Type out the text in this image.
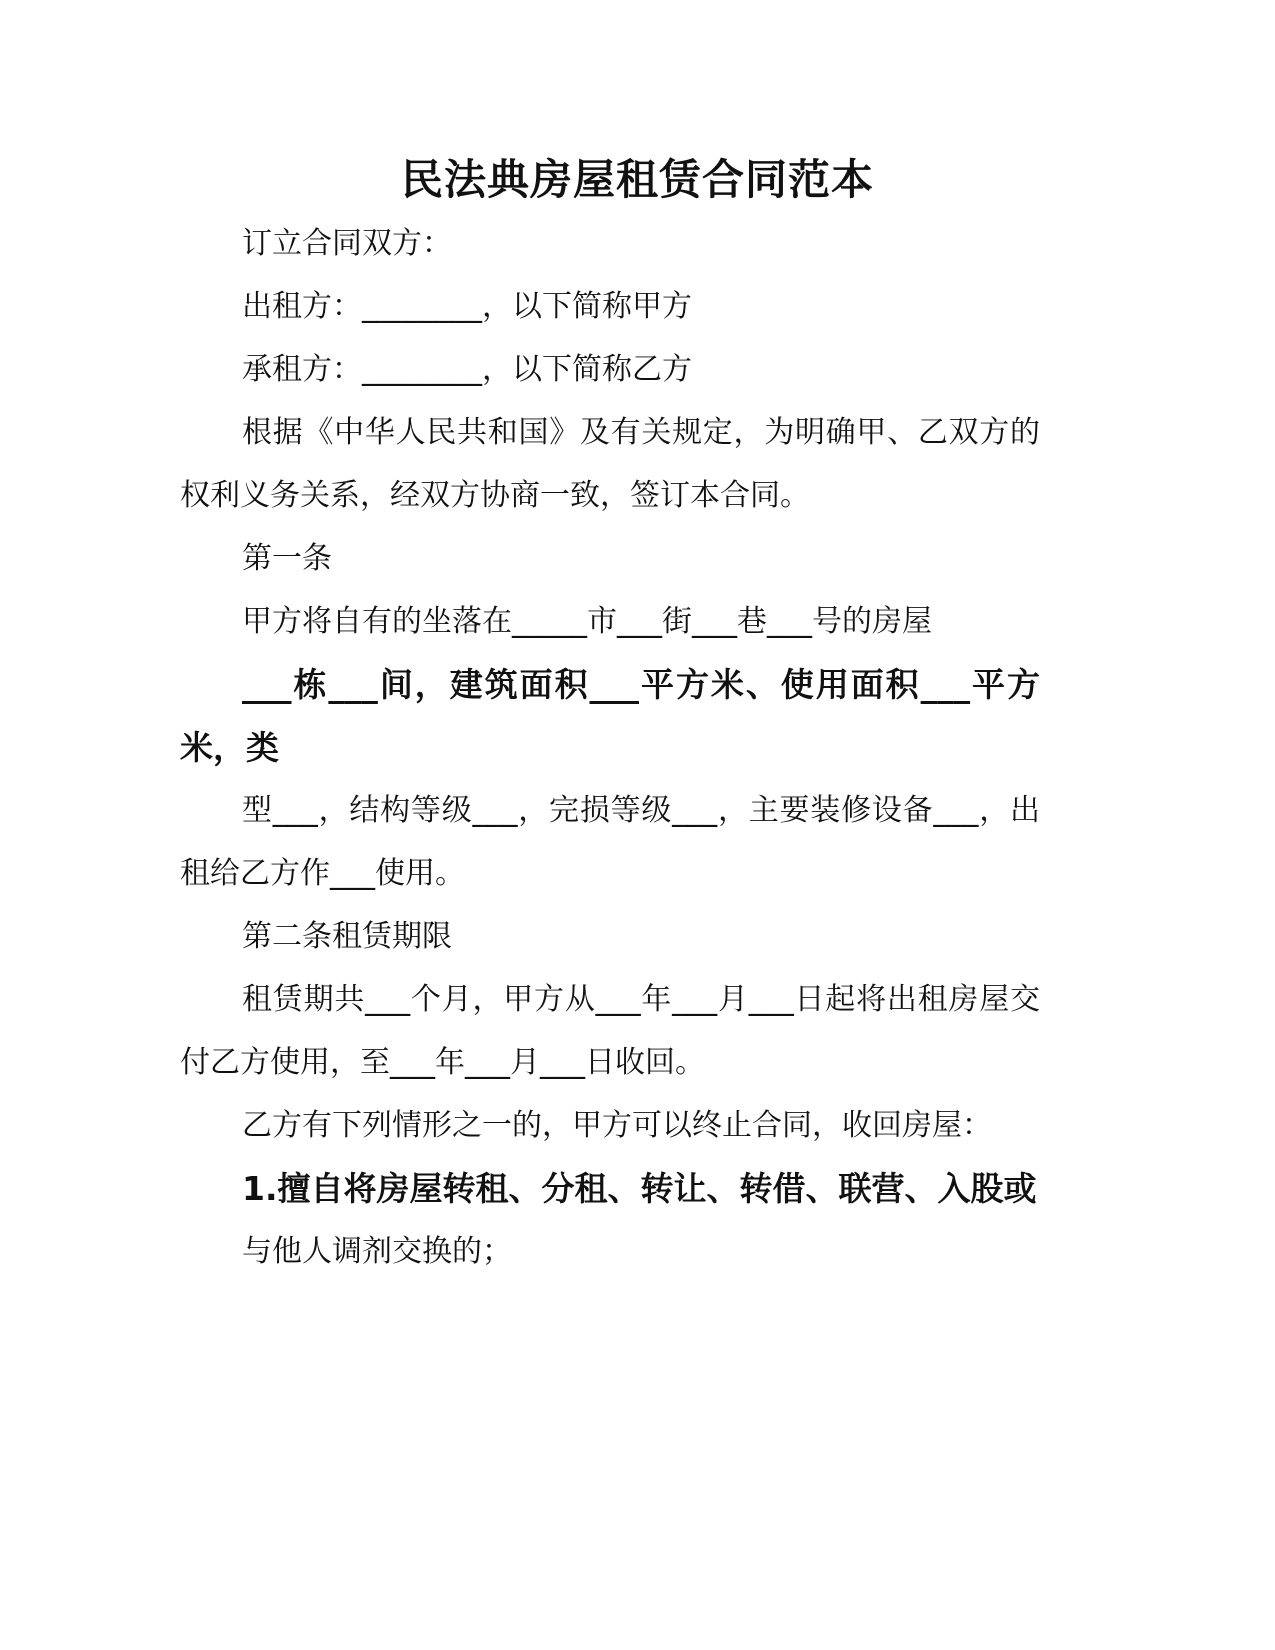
民法典房屋租赁合同范本

订立合同双方：

出租方：________，以下简称甲方

承租方：________，以下简称乙方

根据《中华人民共和国》及有关规定，为明确甲、乙双方的权利义务关系，经双方协商一致，签订本合同。

第一条

甲方将自有的坐落在_____市___街___巷___号的房屋

___栋___间，建筑面积___平方米、使用面积___平方米，类

型___，结构等级___，完损等级___，主要装修设备___，出租给乙方作___使用。

第二条租赁期限

租赁期共___个月，甲方从___年___月___日起将出租房屋交付乙方使用，至___年___月___日收回。

乙方有下列情形之一的，甲方可以终止合同，收回房屋：

1.擅自将房屋转租、分租、转让、转借、联营、入股或

与他人调剂交换的；
